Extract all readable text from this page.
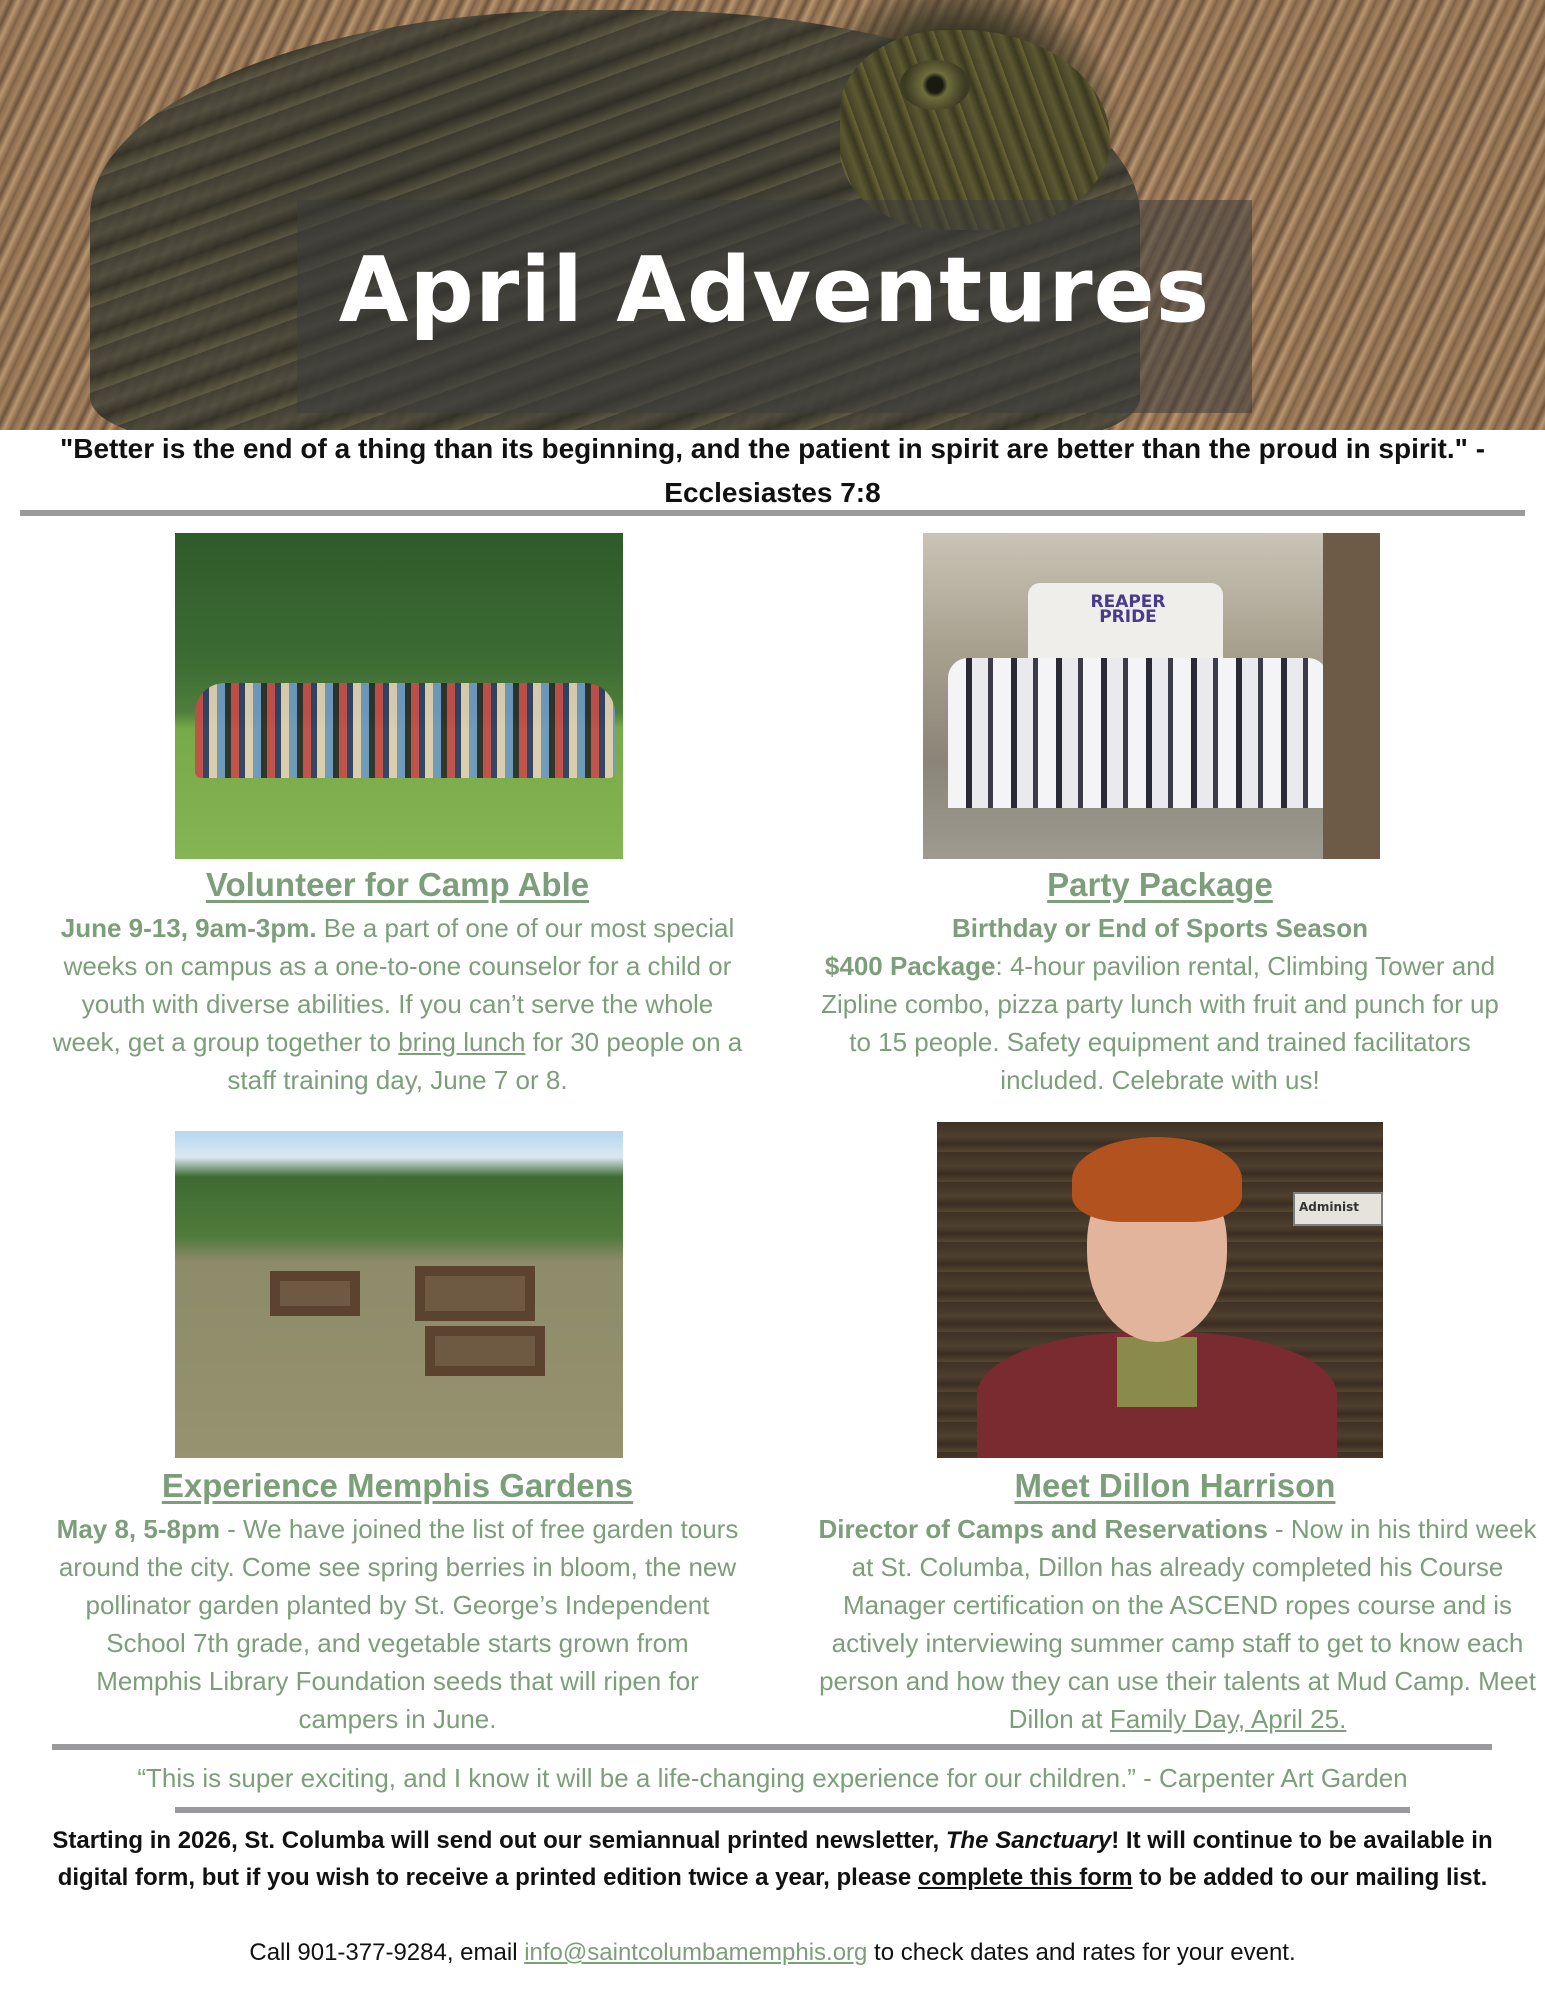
April Adventures
"Better is the end of a thing than its beginning, and the patient in spirit are better than the proud in spirit." -Ecclesiastes 7:8
REAPER PRIDE
Volunteer for Camp Able
June 9-13, 9am-3pm. Be a part of one of our most special weeks on campus as a one-to-one counselor for a child or youth with diverse abilities. If you can’t serve the whole week, get a group together to bring lunch for 30 people on a staff training day, June 7 or 8.
Party Package
Birthday or End of Sports Season
$400 Package: 4-hour pavilion rental, Climbing Tower and Zipline combo, pizza party lunch with fruit and punch for up to 15 people. Safety equipment and trained facilitators included. Celebrate with us!
Administ
Experience Memphis Gardens
May 8, 5-8pm - We have joined the list of free garden tours around the city. Come see spring berries in bloom, the new pollinator garden planted by St. George’s Independent School 7th grade, and vegetable starts grown from Memphis Library Foundation seeds that will ripen for campers in June.
Meet Dillon Harrison
Director of Camps and Reservations - Now in his third week at St. Columba, Dillon has already completed his Course Manager certification on the ASCEND ropes course and is actively interviewing summer camp staff to get to know each person and how they can use their talents at Mud Camp. Meet Dillon at Family Day, April 25.
“This is super exciting, and I know it will be a life-changing experience for our children.” - Carpenter Art Garden
Starting in 2026, St. Columba will send out our semiannual printed newsletter, The Sanctuary! It will continue to be available in digital form, but if you wish to receive a printed edition twice a year, please complete this form to be added to our mailing list.
Call 901-377-9284, email info@saintcolumbamemphis.org to check dates and rates for your event.
